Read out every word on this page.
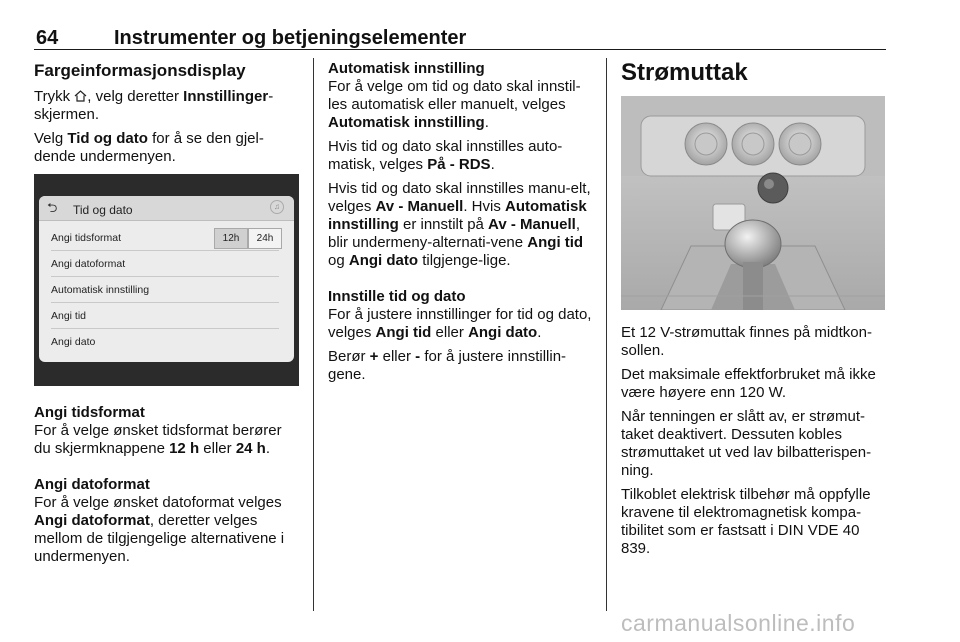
64	Instrumenter og betjeningselementer
Fargeinformasjonsdisplay

Trykk , velg deretter Innstillinger-skjermen.

Velg Tid og dato for å se den gjel-dende undermenyen.

⮌ Tid og dato	♫
Angi tidsformat	12h	24h
Angi datoformat
Automatisk innstilling
Angi tid
Angi dato
Angi tidsformat

For å velge ønsket tidsformat berører du skjermknappene 12 h eller 24 h.

Angi datoformat

For å velge ønsket datoformat velges Angi datoformat, deretter velges mellom de tilgjengelige alternativene i undermenyen.

Automatisk innstilling

For å velge om tid og dato skal innstil-les automatisk eller manuelt, velges Automatisk innstilling.

Hvis tid og dato skal innstilles auto-matisk, velges På - RDS.

Hvis tid og dato skal innstilles manu-elt, velges Av - Manuell. Hvis Automatisk innstilling er innstilt på Av - Manuell, blir undermeny-alternati-vene Angi tid og Angi dato tilgjenge-lige.

Innstille tid og dato

For å justere innstillinger for tid og dato, velges Angi tid eller Angi dato.

Berør + eller - for å justere innstillin-gene.

Strømuttak

Et 12 V-strømuttak finnes på midtkon-sollen.

Det maksimale effektforbruket må ikke være høyere enn 120 W.

Når tenningen er slått av, er strømut-taket deaktivert. Dessuten kobles strømuttaket ut ved lav bilbatterispen-ning.

Tilkoblet elektrisk tilbehør må oppfylle kravene til elektromagnetisk kompa-tibilitet som er fastsatt i DIN VDE 40 839.

carmanualsonline.info
